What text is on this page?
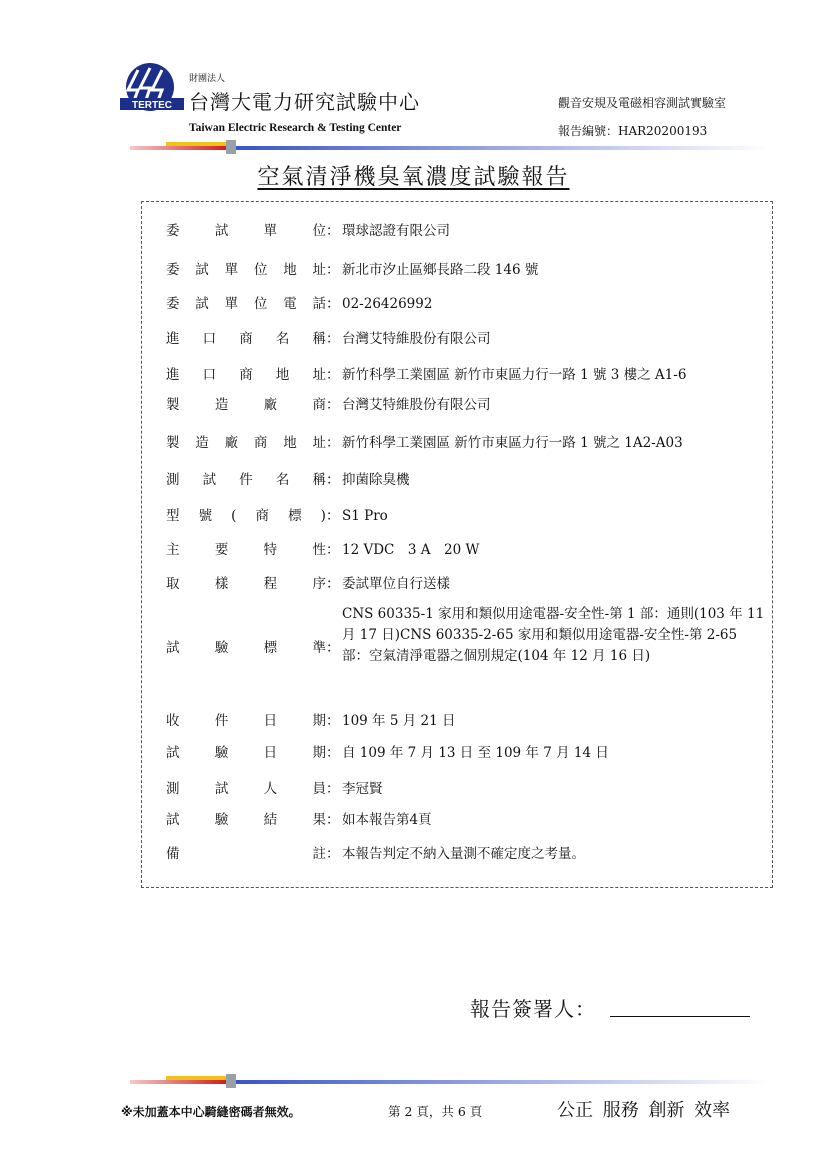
TERTEC
財團法人
台灣大電力研究試驗中心
Taiwan Electric Research & Testing Center
觀音安規及電磁相容測試實驗室
報告編號：HAR20200193
空氣清淨機臭氧濃度試驗報告
委	試	單	位 ： 環球認證有限公司
委 試 單 位 地 址 ： 新北市汐止區鄉長路二段 146 號
委 試 單 位 電 話 ： 02-26426992
進 口 商 名 稱 ： 台灣艾特維股份有限公司
進 口 商 地 址 ： 新竹科學工業園區 新竹市東區力行一路 1 號 3 樓之 A1-6
製	造	廠	商 ： 台灣艾特維股份有限公司
製 造 廠 商 地 址 ： 新竹科學工業園區 新竹市東區力行一路 1 號之 1A2-A03
測 試 件 名 稱 ： 抑菌除臭機
型 號 ( 商 標 ) ： S1 Pro
主	要	特	性 ： 12 VDC　3 A　20 W
取	樣	程	序 ： 委試單位自行送樣
試	驗	標	準 ：
CNS 60335-1 家用和類似用途電器-安全性-第 1 部：通則(103 年 11 月 17 日)CNS 60335-2-65 家用和類似用途電器-安全性-第 2-65 部：空氣清淨電器之個別規定(104 年 12 月 16 日)
收	件	日	期 ： 109 年 5 月 21 日
試	驗	日	期 ： 自 109 年 7 月 13 日 至 109 年 7 月 14 日
測	試	人	員 ： 李冠賢
試	驗	結	果 ： 如本報告第4頁
備	註 ： 本報告判定不納入量測不確定度之考量。
報告簽署人：
※未加蓋本中心騎縫密碼者無效。	第 2 頁，共 6 頁	公正 服務 創新 效率
